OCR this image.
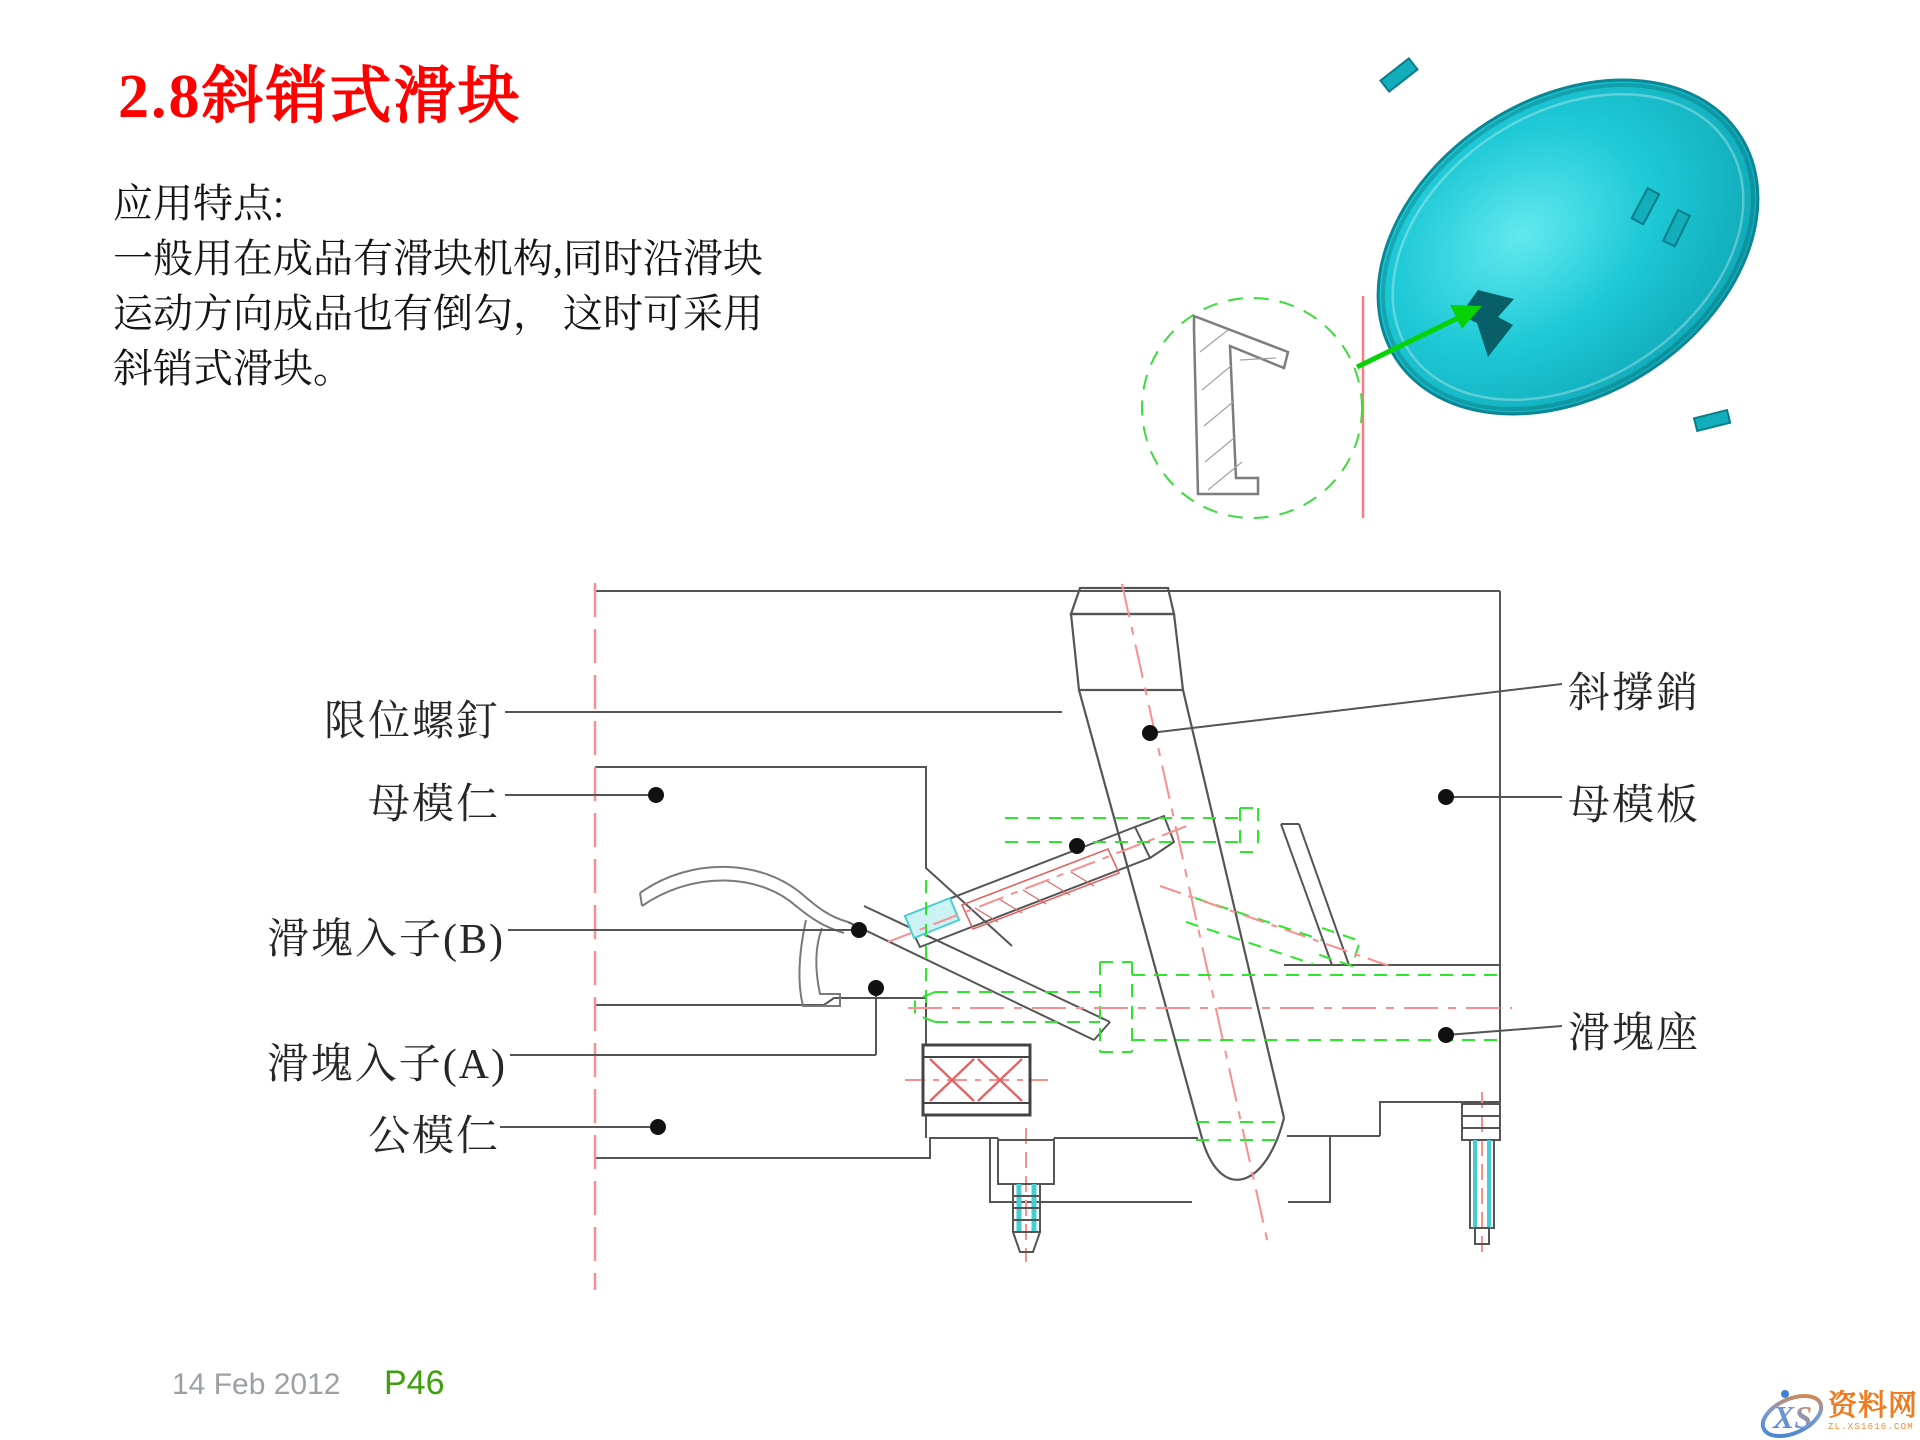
2.8斜销式滑块
应用特点:
一般用在成品有滑块机构,同时沿滑块
运动方向成品也有倒勾， 这时可采用
斜销式滑块。
限位螺釘
母模仁
滑塊入子(B)
滑塊入子(A)
公模仁
斜撐銷
母模板
滑塊座
14 Feb 2012 P46
XS 资料网
ZL.XS1616.COM
